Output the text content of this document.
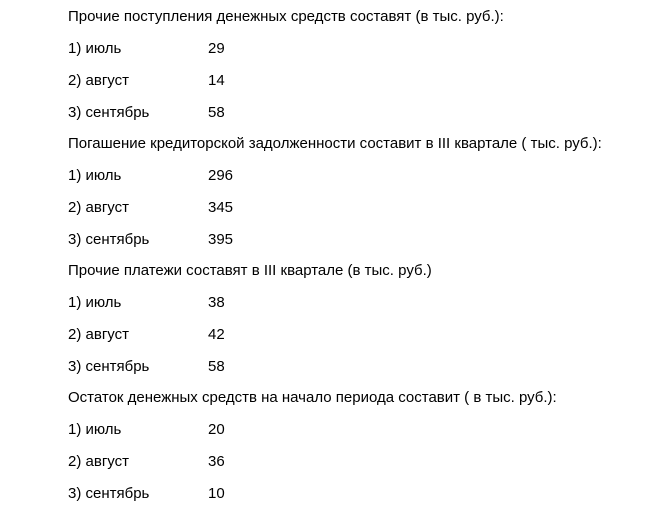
Прочие поступления денежных средств составят (в тыс. руб.):
1) июль	29
2) август	14
3) сентябрь	58
Погашение кредиторской задолженности составит в III квартале ( тыс. руб.):
1) июль	296
2) август	345
3) сентябрь	395
Прочие платежи составят в III квартале (в тыс. руб.)
1) июль	38
2) август	42
3) сентябрь	58
Остаток денежных средств на начало периода составит ( в тыс. руб.):
1) июль	20
2) август	36
3) сентябрь	10
